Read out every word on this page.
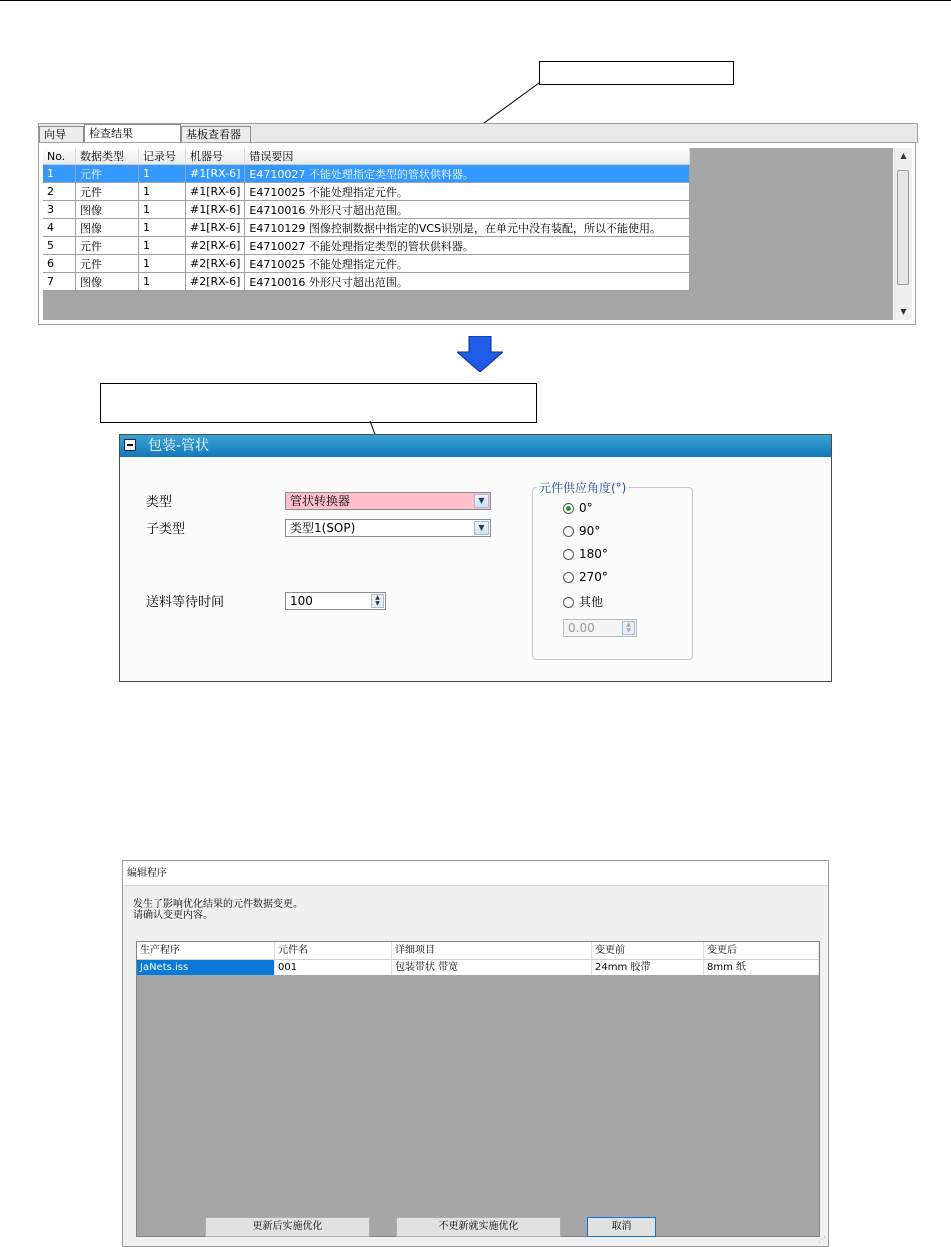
向导	检查结果	基板查看器
No.	数据类型	记录号	机器号	错误要因
1	元件	1	#1[RX-6]	E4710027 不能处理指定类型的管状供料器。
2	元件	1	#1[RX-6]	E4710025 不能处理指定元件。
3	图像	1	#1[RX-6]	E4710016 外形尺寸超出范围。
4	图像	1	#1[RX-6]	E4710129 图像控制数据中指定的VCS识别是，在单元中没有装配，所以不能使用。
5	元件	1	#2[RX-6]	E4710027 不能处理指定类型的管状供料器。
6	元件	1	#2[RX-6]	E4710025 不能处理指定元件。
7	图像	1	#2[RX-6]	E4710016 外形尺寸超出范围。
▲
▼
包装-管状
类型	管状转换器	▼
子类型	类型1(SOP)	▼
送料等待时间	100	▲
▼
元件供应角度(°)
0°
90°
180°
270°
其他
0.00	▲
▼
编辑程序
发生了影响优化结果的元件数据变更。
请确认变更内容。
生产程序	元件名	详细项目	变更前	变更后
JaNets.iss	001	包装带状 带宽	24mm 胶带	8mm 纸
更新后实施优化	不更新就实施优化	取消
⋰
